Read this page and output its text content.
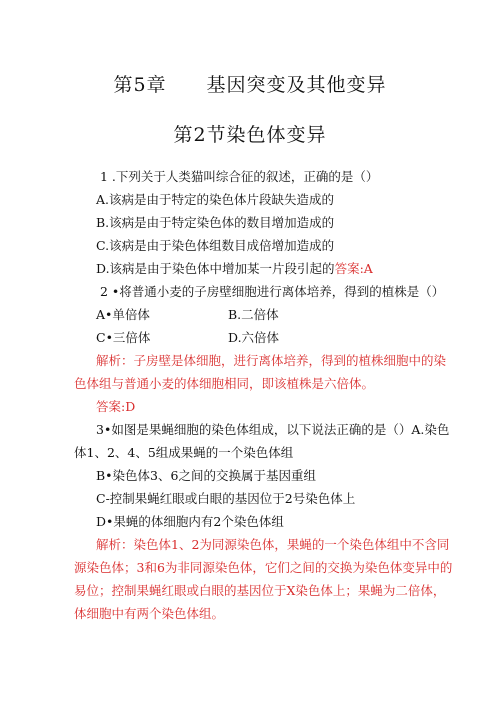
第5章　　基因突变及其他变异
第2节染色体变异
1 .下列关于人类猫叫综合征的叙述，正确的是（）
A.该病是由于特定的染色体片段缺失造成的
B.该病是由于特定染色体的数目增加造成的
C.该病是由于染色体组数目成倍增加造成的
D.该病是由于染色体中增加某一片段引起的答案:A
2 •将普通小麦的子房壁细胞进行离体培养，得到的植株是（）
A•单倍体	B.二倍体
C•三倍体	D.六倍体
解析：子房壁是体细胞，进行离体培养，得到的植株细胞中的染
色体组与普通小麦的体细胞相同，即该植株是六倍体。
答案:D
3•如图是果蝇细胞的染色体组成，以下说法正确的是（）A.染色
体1、2、4、5组成果蝇的一个染色体组
B•染色体3、6之间的交换属于基因重组
C-控制果蝇红眼或白眼的基因位于2号染色体上
D•果蝇的体细胞内有2个染色体组
解析：染色体1、2为同源染色体，果蝇的一个染色体组中不含同
源染色体；3和6为非同源染色体，它们之间的交换为染色体变异中的
易位；控制果蝇红眼或白眼的基因位于X染色体上；果蝇为二倍体，
体细胞中有两个染色体组。
